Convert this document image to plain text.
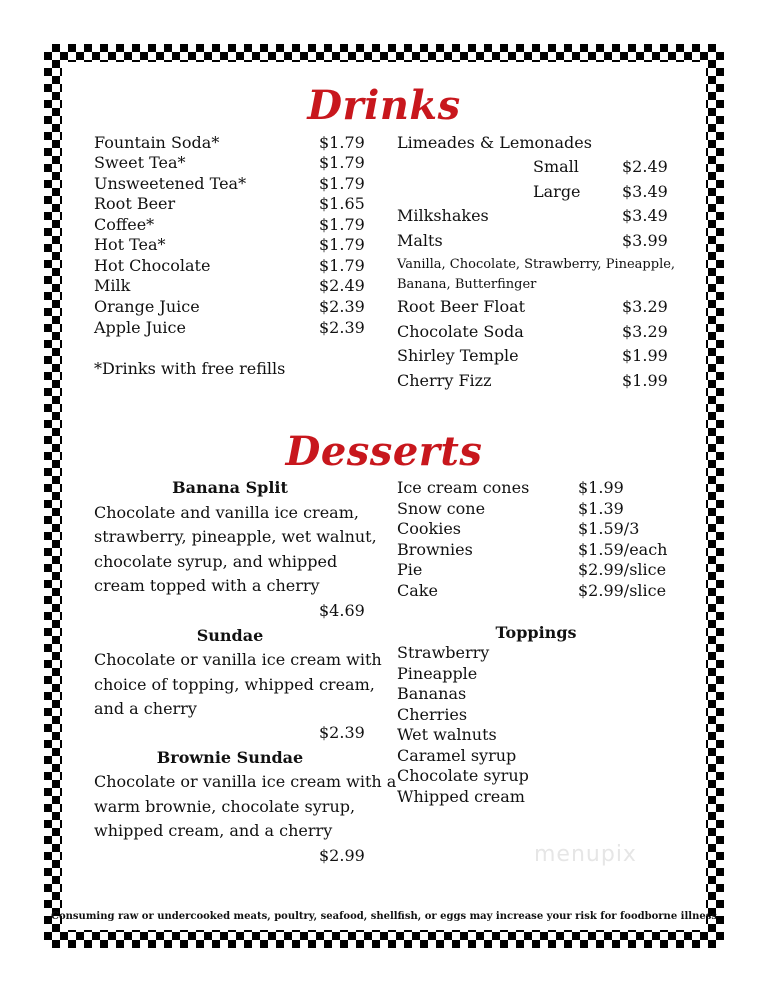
Drinks
Fountain Soda*	$1.79
Sweet Tea*	$1.79
Unsweetened Tea*	$1.79
Root Beer	$1.65
Coffee*	$1.79
Hot Tea*	$1.79
Hot Chocolate	$1.79
Milk	$2.49
Orange Juice	$2.39
Apple Juice	$2.39
*Drinks with free refills
Limeades & Lemonades
Small	$2.49
Large	$3.49
Milkshakes	$3.49
Malts	$3.99
Vanilla, Chocolate, Strawberry, Pineapple,
Banana, Butterfinger
Root Beer Float	$3.29
Chocolate Soda	$3.29
Shirley Temple	$1.99
Cherry Fizz	$1.99
Desserts
Banana Split
Chocolate and vanilla ice cream,
strawberry, pineapple, wet walnut,
chocolate syrup, and whipped
cream topped with a cherry
$4.69
Sundae
Chocolate or vanilla ice cream with
choice of topping, whipped cream,
and a cherry
$2.39
Brownie Sundae
Chocolate or vanilla ice cream with a
warm brownie, chocolate syrup,
whipped cream, and a cherry
$2.99
Ice cream cones	$1.99
Snow cone	$1.39
Cookies	$1.59/3
Brownies	$1.59/each
Pie	$2.99/slice
Cake	$2.99/slice
Toppings
Strawberry
Pineapple
Bananas
Cherries
Wet walnuts
Caramel syrup
Chocolate syrup
Whipped cream
menupix
Consuming raw or undercooked meats, poultry, seafood, shellfish, or eggs may increase your risk for foodborne illness
